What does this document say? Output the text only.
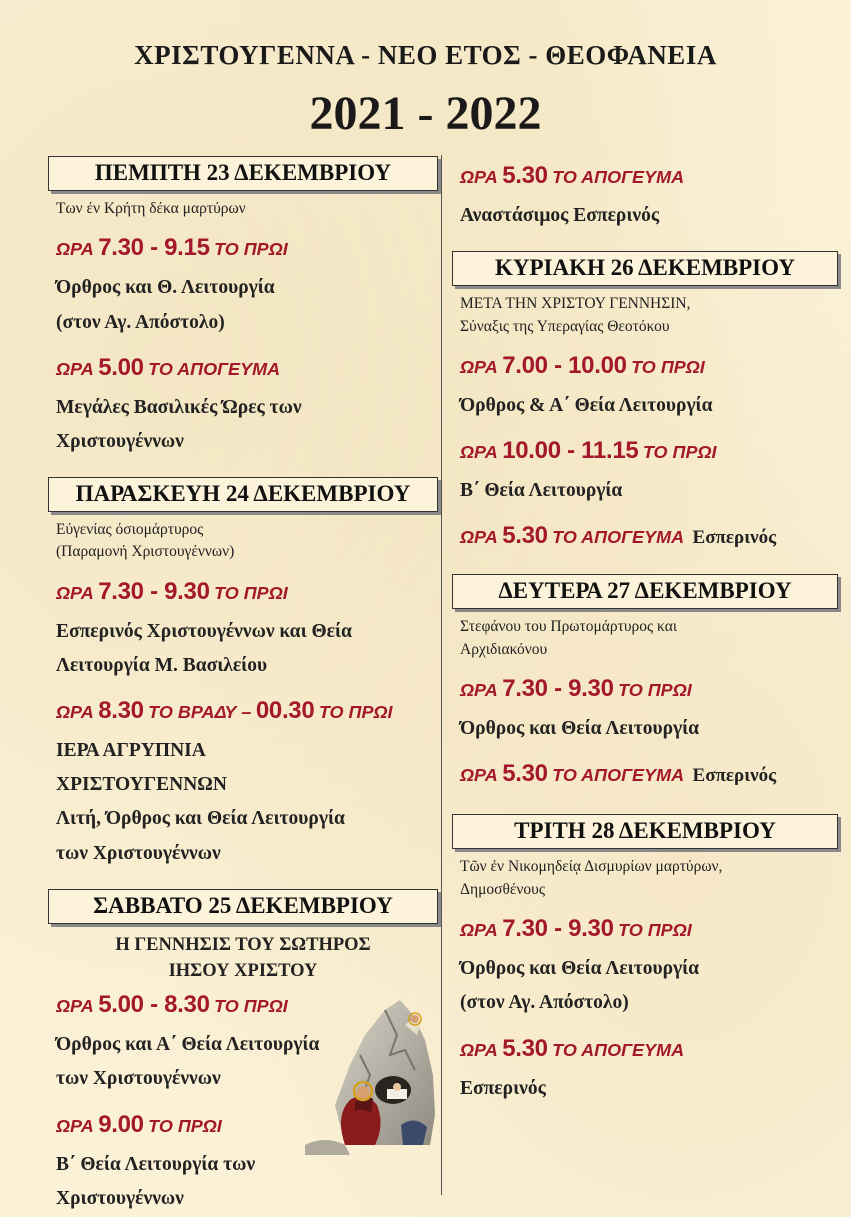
ΧΡΙΣΤΟΥΓΕΝΝΑ - ΝΕΟ ΕΤΟΣ - ΘΕΟΦΑΝΕΙΑ
2021 - 2022
ΠΕΜΠΤΗ 23 ΔΕΚΕΜΒΡΙΟΥ
Των έν Κρήτη δέκα μαρτύρων
ΩΡΑ 7.30 - 9.15 ΤΟ ΠΡΩΙ
Όρθρος και Θ. Λειτουργία
(στον Αγ. Απόστολο)
ΩΡΑ 5.00 ΤΟ ΑΠΟΓΕΥΜΑ
Μεγάλες Βασιλικές Ώρες των
Χριστουγέννων
ΠΑΡΑΣΚΕΥΗ 24 ΔΕΚΕΜΒΡΙΟΥ
Εύγενίας όσιομάρτυρος
(Παραμονή Χριστουγέννων)
ΩΡΑ 7.30 - 9.30 ΤΟ ΠΡΩΙ
Εσπερινός Χριστουγέννων και Θεία
Λειτουργία Μ. Βασιλείου
ΩΡΑ 8.30 ΤΟ ΒΡΑΔΥ – 00.30 ΤΟ ΠΡΩΙ
ΙΕΡΑ ΑΓΡΥΠΝΙΑ
ΧΡΙΣΤΟΥΓΕΝΝΩΝ
Λιτή, Όρθρος και Θεία Λειτουργία
των Χριστουγέννων
ΣΑΒΒΑΤΟ 25 ΔΕΚΕΜΒΡΙΟΥ
Η ΓΕΝΝΗΣΙΣ ΤΟΥ ΣΩΤΗΡΟΣ
ΙΗΣΟΥ ΧΡΙΣΤΟΥ
ΩΡΑ 5.00 - 8.30 ΤΟ ΠΡΩΙ
Όρθρος και Α΄ Θεία Λειτουργία
των Χριστουγέννων
ΩΡΑ 9.00 ΤΟ ΠΡΩΙ
Β΄ Θεία Λειτουργία των
Χριστουγέννων
ΩΡΑ 5.30 ΤΟ ΑΠΟΓΕΥΜΑ
Αναστάσιμος Εσπερινός
ΚΥΡΙΑΚΗ 26 ΔΕΚΕΜΒΡΙΟΥ
ΜΕΤΑ ΤΗΝ ΧΡΙΣΤΟΥ ΓΕΝΝΗΣΙΝ,
Σύναξις της Υπεραγίας Θεοτόκου
ΩΡΑ 7.00 - 10.00 ΤΟ ΠΡΩΙ
Όρθρος & Α΄ Θεία Λειτουργία
ΩΡΑ 10.00 - 11.15 ΤΟ ΠΡΩΙ
Β΄ Θεία Λειτουργία
ΩΡΑ 5.30 ΤΟ ΑΠΟΓΕΥΜΑ Εσπερινός
ΔΕΥΤΕΡΑ 27 ΔΕΚΕΜΒΡΙΟΥ
Στεφάνου του Πρωτομάρτυρος και
Αρχιδιακόνου
ΩΡΑ 7.30 - 9.30 ΤΟ ΠΡΩΙ
Όρθρος και Θεία Λειτουργία
ΩΡΑ 5.30 ΤΟ ΑΠΟΓΕΥΜΑ Εσπερινός
ΤΡΙΤΗ 28 ΔΕΚΕΜΒΡΙΟΥ
Τῶν ἐν Νικομηδείᾳ Δισμυρίων μαρτύρων,
Δημοσθένους
ΩΡΑ 7.30 - 9.30 ΤΟ ΠΡΩΙ
Όρθρος και Θεία Λειτουργία
(στον Αγ. Απόστολο)
ΩΡΑ 5.30 ΤΟ ΑΠΟΓΕΥΜΑ
Εσπερινός
